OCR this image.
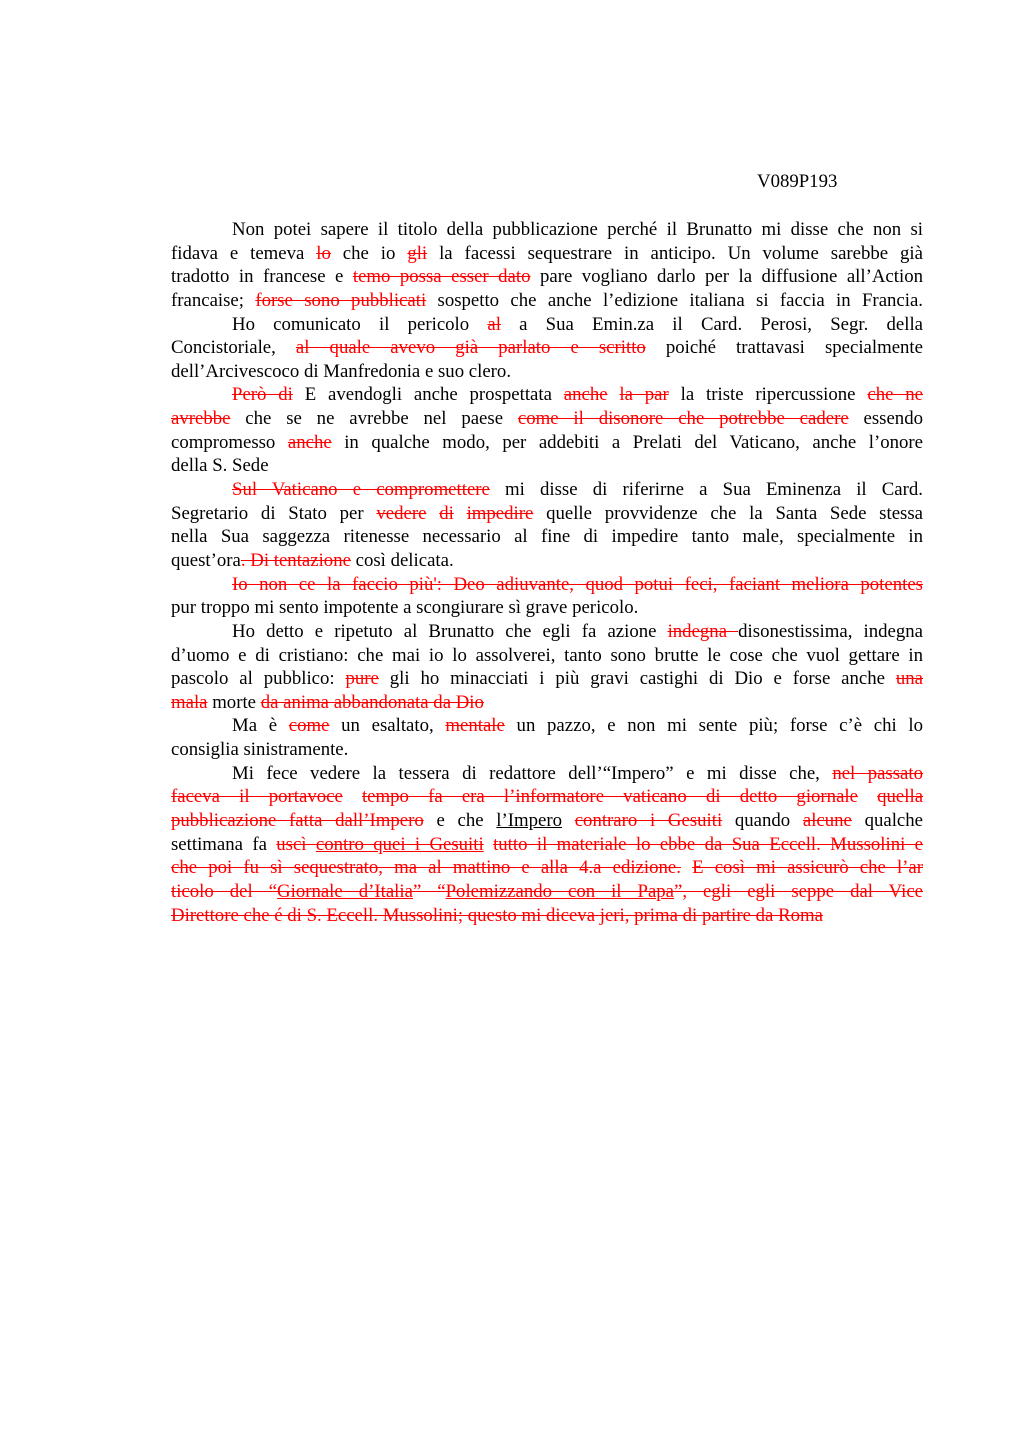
V089P193
Non potei sapere il titolo della pubblicazione perché il Brunatto mi disse che non si
fidava e temeva lo che io gli la facessi sequestrare in anticipo. Un volume sarebbe già
tradotto in francese e temo possa esser dato pare vogliano darlo per la diffusione all’Action
francaise; forse sono pubblicati sospetto che anche l’edizione italiana si faccia in Francia.
Ho comunicato il pericolo al a Sua Emin.za il Card. Perosi, Segr. della
Concistoriale, al quale avevo già parlato e scritto poiché trattavasi specialmente
dell’Arcivescoco di Manfredonia e suo clero.
Però di E avendogli anche prospettata anche la par la triste ripercussione che ne
avrebbe che se ne avrebbe nel paese come il disonore che potrebbe cadere essendo
compromesso anche in qualche modo, per addebiti a Prelati del Vaticano, anche l’onore
della S. Sede
Sul Vaticano e compromettere mi disse di riferirne a Sua Eminenza il Card.
Segretario di Stato per vedere di impedire quelle provvidenze che la Santa Sede stessa
nella Sua saggezza ritenesse necessario al fine di impedire tanto male, specialmente in
quest’ora. Di tentazione così delicata.
Io non ce la faccio più': Deo adiuvante, quod potui feci, faciant meliora potentes
pur troppo mi sento impotente a scongiurare sì grave pericolo.
Ho detto e ripetuto al Brunatto che egli fa azione indegna disonestissima, indegna
d’uomo e di cristiano: che mai io lo assolverei, tanto sono brutte le cose che vuol gettare in
pascolo al pubblico: pure gli ho minacciati i più gravi castighi di Dio e forse anche una
mala morte da anima abbandonata da Dio
Ma è come un esaltato, mentale un pazzo, e non mi sente più; forse c’è chi lo
consiglia sinistramente.
Mi fece vedere la tessera di redattore dell’“Impero” e mi disse che, nel passato
faceva il portavoce tempo fa era l’informatore vaticano di detto giornale quella
pubblicazione fatta dall’Impero e che l’Impero contraro i Gesuiti quando alcune qualche
settimana fa uscì contro quei i Gesuiti tutto il materiale lo ebbe da Sua Eccell. Mussolini e
che poi fu sì sequestrato, ma al mattino e alla 4.a edizione. E così mi assicurò che l’ar
ticolo del “Giornale d’Italia” “Polemizzando con il Papa”, egli egli seppe dal Vice
Direttore che é di S. Eccell. Mussolini; questo mi diceva jeri, prima di partire da Roma
